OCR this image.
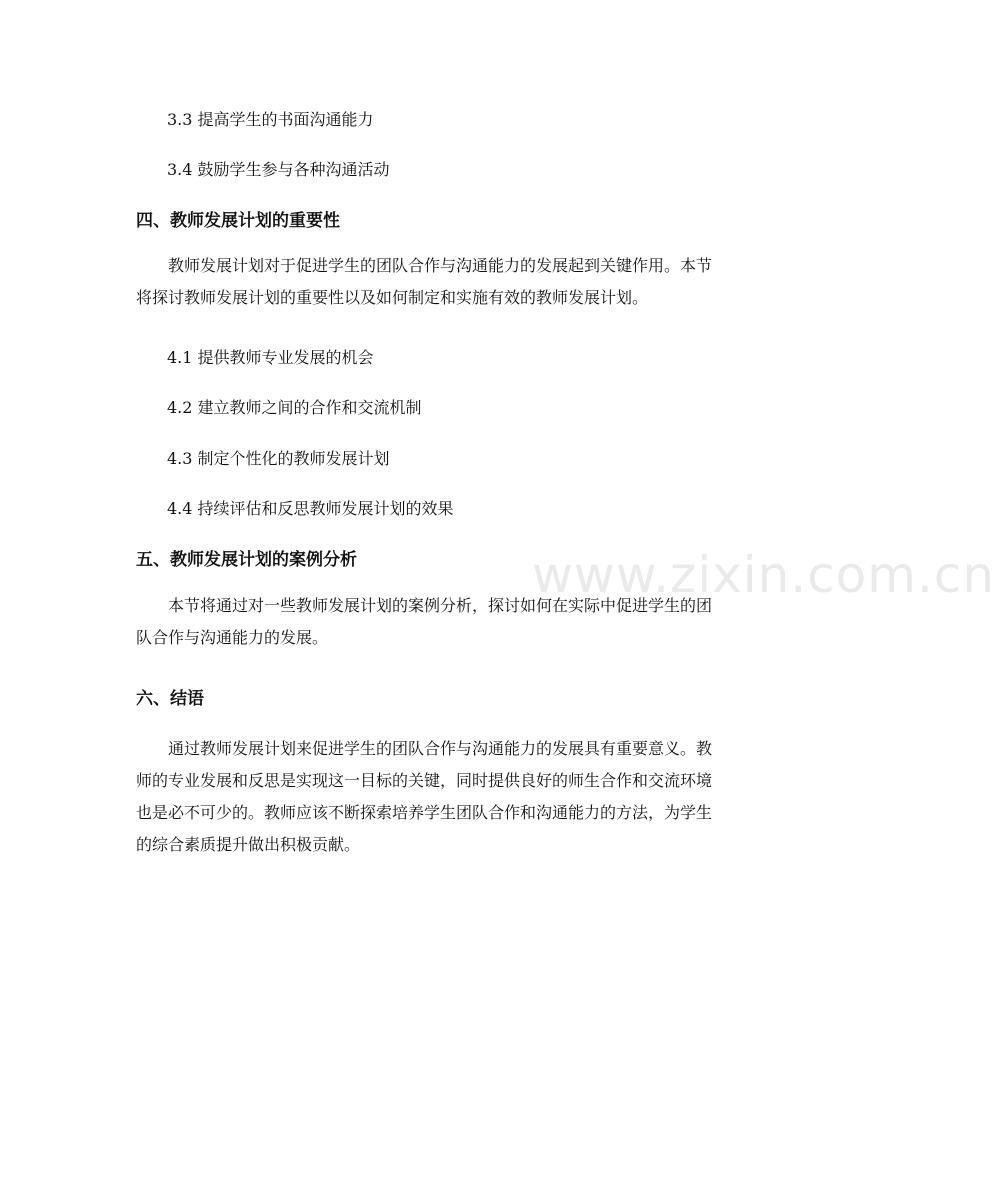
3.3 提高学生的书面沟通能力
3.4 鼓励学生参与各种沟通活动
四、教师发展计划的重要性
教师发展计划对于促进学生的团队合作与沟通能力的发展起到关键作用。本节
将探讨教师发展计划的重要性以及如何制定和实施有效的教师发展计划。
4.1 提供教师专业发展的机会
4.2 建立教师之间的合作和交流机制
4.3 制定个性化的教师发展计划
4.4 持续评估和反思教师发展计划的效果
五、教师发展计划的案例分析
本节将通过对一些教师发展计划的案例分析，探讨如何在实际中促进学生的团
队合作与沟通能力的发展。
六、结语
通过教师发展计划来促进学生的团队合作与沟通能力的发展具有重要意义。教
师的专业发展和反思是实现这一目标的关键，同时提供良好的师生合作和交流环境
也是必不可少的。教师应该不断探索培养学生团队合作和沟通能力的方法，为学生
的综合素质提升做出积极贡献。
www.zixin.com.cn
